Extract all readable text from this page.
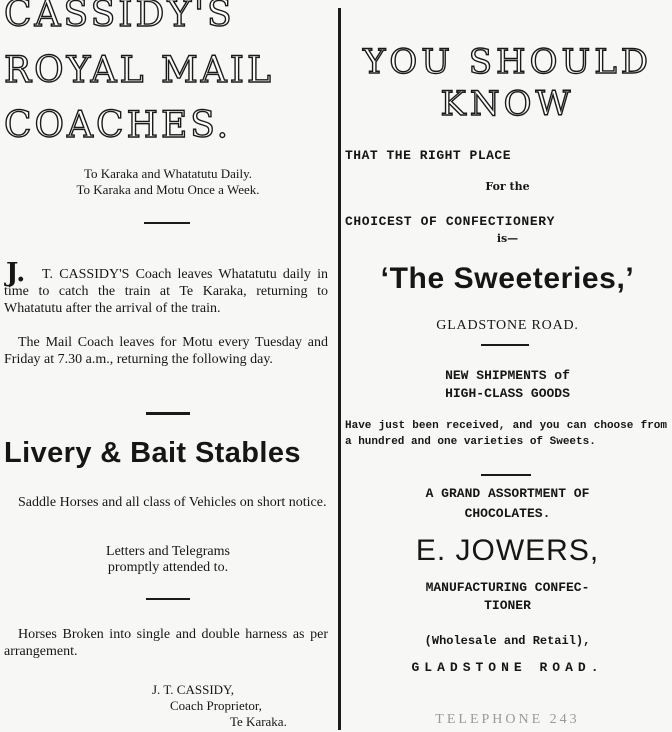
CASSIDY'S
ROYAL MAIL
COACHES.
To Karaka and Whatatutu Daily.
To Karaka and Motu Once a Week.
J.	T. CASSIDY'S Coach leaves Whatatutu daily in time to catch the train at Te Karaka, returning to Whatatutu after the arrival of the train.

The Mail Coach leaves for Motu every Tuesday and Friday at 7.30 a.m., returning the following day.

Livery & Bait Stables

Saddle Horses and all class of Vehicles on short notice.

Letters and Telegrams
promptly attended to.

Horses Broken into single and double harness as per arrangement.

J. T. CASSIDY,
Coach Proprietor,
Te Karaka.
YOU SHOULD
KNOW
THAT THE RIGHT PLACE
For the
CHOICEST OF CONFECTIONERY
is—
‘The Sweeteries,’
GLADSTONE ROAD.
NEW SHIPMENTS of
HIGH-CLASS GOODS

Have just been received, and you can choose from a hundred and one varieties of Sweets.

A GRAND ASSORTMENT OF
CHOCOLATES.
E. JOWERS,
MANUFACTURING CONFEC-
TIONER
(Wholesale and Retail),
GLADSTONE ROAD.
TELEPHONE 243
